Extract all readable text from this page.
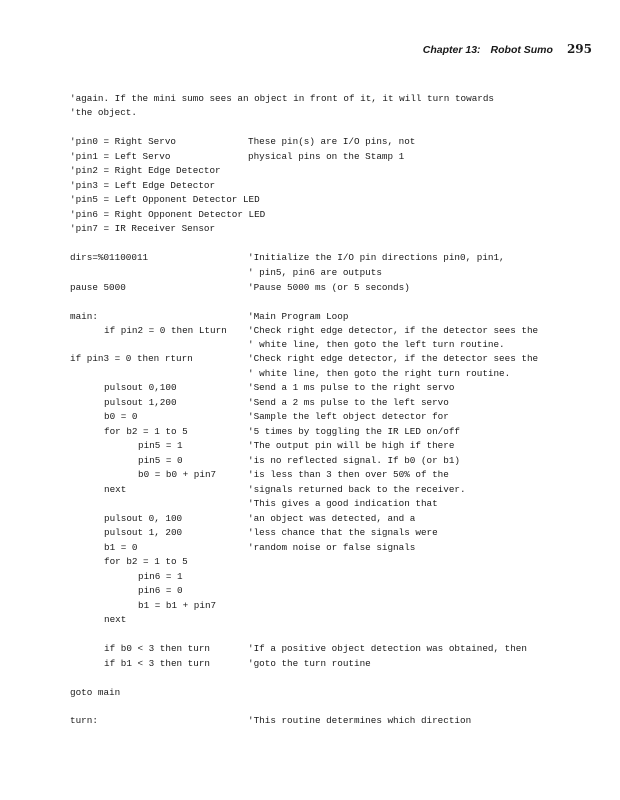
Chapter 13: Robot Sumo 295
'again. If the mini sumo sees an object in front of it, it will turn towards
'the object.
'pin0 = Right Servo	These pin(s) are I/O pins, not
'pin1 = Left Servo	physical pins on the Stamp 1
'pin2 = Right Edge Detector
'pin3 = Left Edge Detector
'pin5 = Left Opponent Detector LED
'pin6 = Right Opponent Detector LED
'pin7 = IR Receiver Sensor
dirs=%01100011	'Initialize the I/O pin directions pin0, pin1,
' pin5, pin6 are outputs
pause 5000	'Pause 5000 ms (or 5 seconds)
main:	'Main Program Loop
if pin2 = 0 then Lturn 'Check right edge detector, if the detector sees the
' white line, then goto the left turn routine.
if pin3 = 0 then rturn	'Check right edge detector, if the detector sees the
' white line, then goto the right turn routine.
pulsout 0,100	'Send a 1 ms pulse to the right servo
pulsout 1,200	'Send a 2 ms pulse to the left servo
b0 = 0	'Sample the left object detector for
for b2 = 1 to 5	'5 times by toggling the IR LED on/off
pin5 = 1	'The output pin will be high if there
pin5 = 0	'is no reflected signal. If b0 (or b1)
b0 = b0 + pin7	'is less than 3 then over 50% of the
next	'signals returned back to the receiver.
'This gives a good indication that
pulsout 0, 100	'an object was detected, and a
pulsout 1, 200	'less chance that the signals were
b1 = 0	'random noise or false signals
for b2 = 1 to 5
pin6 = 1
pin6 = 0
b1 = b1 + pin7
next
if b0 < 3 then turn	'If a positive object detection was obtained, then
if b1 < 3 then turn	'goto the turn routine
goto main
turn:	'This routine determines which direction
